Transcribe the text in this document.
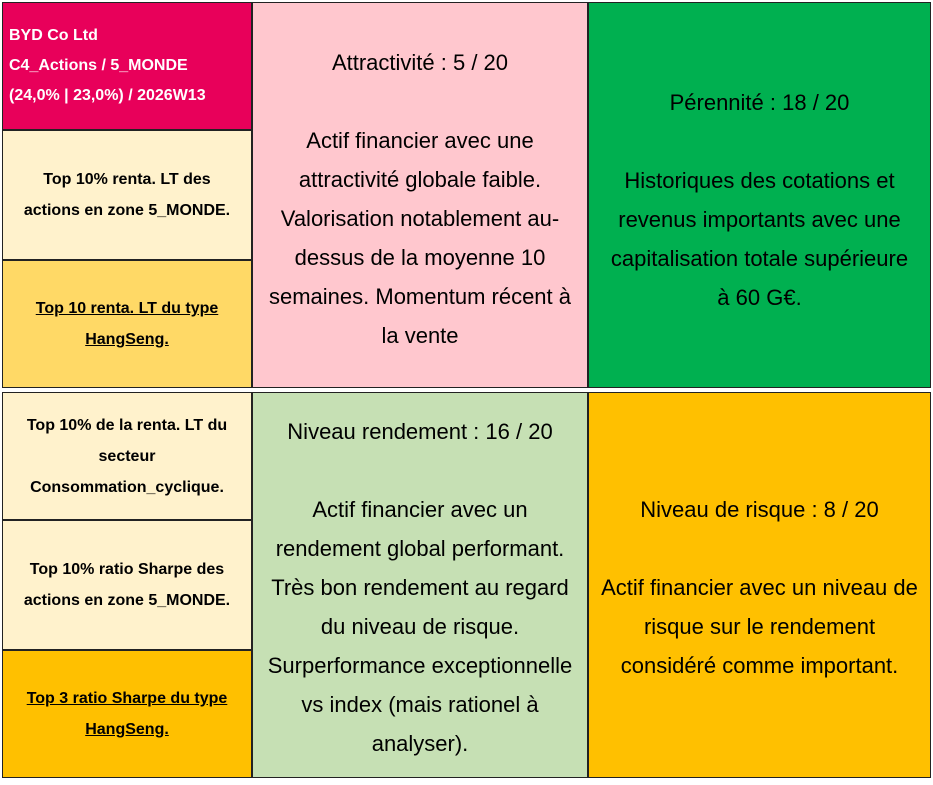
BYD Co Ltd
C4_Actions / 5_MONDE
(24,0% | 23,0%) / 2026W13
Top 10% renta. LT des
actions en zone 5_MONDE.
Top 10 renta. LT du type
HangSeng.
Attractivité : 5 / 20
Actif financier avec une
attractivité globale faible.
Valorisation notablement au-
dessus de la moyenne 10
semaines. Momentum récent à
la vente
Pérennité : 18 / 20
Historiques des cotations et
revenus importants avec une
capitalisation totale supérieure
à 60 G€.
Top 10% de la renta. LT du
secteur
Consommation_cyclique.
Top 10% ratio Sharpe des
actions en zone 5_MONDE.
Top 3 ratio Sharpe du type
HangSeng.
Niveau rendement : 16 / 20
Actif financier avec un
rendement global performant.
Très bon rendement au regard
du niveau de risque.
Surperformance exceptionnelle
vs index (mais rationel à
analyser).
Niveau de risque : 8 / 20
Actif financier avec un niveau de
risque sur le rendement
considéré comme important.
